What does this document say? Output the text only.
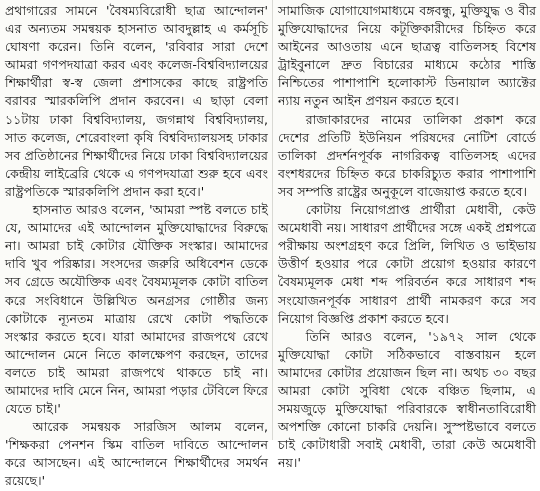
প্রথাগারের সামনে 'বৈষম্যবিরোধী ছাত্র আন্দোলন' এর অন্যতম সমন্বয়ক হাসনাত আবদুল্লাহ এ কর্মসূচি ঘোষণা করেন। তিনি বলেন, 'রবিবার সারা দেশে আমরা গণপদযাত্রা করব এবং কলেজ-বিশ্ববিদ্যালয়ের শিক্ষার্থীরা স্ব-স্ব জেলা প্রশাসকের কাছে রাষ্ট্রপতি বরাবর স্মারকলিপি প্রদান করবেন। এ ছাড়া বেলা ১১টায় ঢাকা বিশ্ববিদ্যালয়, জগন্নাথ বিশ্ববিদ্যালয়, সাত কলেজ, শেরেবাংলা কৃষি বিশ্ববিদ্যালয়সহ ঢাকার সব প্রতিষ্ঠানের শিক্ষার্থীদের নিয়ে ঢাকা বিশ্ববিদ্যালয়ের কেন্দ্রীয় লাইব্রেরি থেকে এ গণপদযাত্রা শুরু হবে এবং রাষ্ট্রপতিকে স্মারকলিপি প্রদান করা হবে।'

হাসনাত আরও বলেন, 'আমরা স্পষ্ট বলতে চাই যে, আমাদের এই আন্দোলন মুক্তিযোদ্ধাদের বিরুদ্ধে না। আমরা চাই কোটার যৌক্তিক সংস্কার। আমাদের দাবি খুব পরিষ্কার। সংসদের জরুরি অধিবেশন ডেকে সব গ্রেডে অযৌক্তিক এবং বৈষম্যমূলক কোটা বাতিল করে সংবিধানে উল্লিখিত অনগ্রসর গোষ্ঠীর জন্য কোটাকে ন্যূনতম মাত্রায় রেখে কোটা পদ্ধতিকে সংস্কার করতে হবে। যারা আমাদের রাজপথে রেখে আন্দোলন মেনে নিতে কালক্ষেপণ করছেন, তাদের বলতে চাই আমরা রাজপথে থাকতে চাই না। আমাদের দাবি মেনে নিন, আমরা পড়ার টেবিলে ফিরে যেতে চাই।'

আরেক সমন্বয়ক সারজিস আলম বলেন, 'শিক্ষকরা পেনশন স্কিম বাতিল দাবিতে আন্দোলন করে আসছেন। এই আন্দোলনে শিক্ষার্থীদের সমর্থন রয়েছে।'

সামাজিক যোগাযোগমাধ্যমে বঙ্গবন্ধু, মুক্তিযুদ্ধ ও বীর মুক্তিযোদ্ধাদের নিয়ে কটূক্তিকারীদের চিহ্নিত করে আইনের আওতায় এনে ছাত্রত্ব বাতিলসহ বিশেষ ট্রাইবুনালে দ্রুত বিচারের মাধ্যমে কঠোর শাস্তি নিশ্চিতের পাশাপাশি হলোকাস্ট ডিনায়াল অ্যাক্টের ন্যায় নতুন আইন প্রণয়ন করতে হবে।

রাজাকারদের নামের তালিকা প্রকাশ করে দেশের প্রতিটি ইউনিয়ন পরিষদের নোটিশ বোর্ডে তালিকা প্রদর্শনপূর্বক নাগরিকত্ব বাতিলসহ এদের বংশধরদের চিহ্নিত করে চাকরিচ্যুত করার পাশাপাশি সব সম্পত্তি রাষ্ট্রের অনুকূলে বাজেয়াপ্ত করতে হবে।

কোটায় নিয়োগপ্রাপ্ত প্রার্থীরা মেধাবী, কেউ অমেধাবী নয়। সাধারণ প্রার্থীদের সঙ্গে একই প্রশ্নপত্রে পরীক্ষায় অংশগ্রহণ করে প্রিলি, লিখিত ও ভাইভায় উত্তীর্ণ হওয়ার পরে কোটা প্রয়োগ হওয়ার কারণে বৈষম্যমূলক মেধা শব্দ পরিবর্তন করে সাধারণ শব্দ সংযোজনপূর্বক সাধারণ প্রার্থী নামকরণ করে সব নিয়োগ বিজ্ঞপ্তি প্রকাশ করতে হবে।

তিনি আরও বলেন, '১৯৭২ সাল থেকে মুক্তিযোদ্ধা কোটা সঠিকভাবে বাস্তবায়ন হলে আমাদের কোটার প্রয়োজন ছিল না। অথচ ৩০ বছর আমরা কোটা সুবিধা থেকে বঞ্চিত ছিলাম, এ সময়জুড়ে মুক্তিযোদ্ধা পরিবারকে স্বাধীনতাবিরোধী অপশক্তি কোনো চাকরি দেয়নি। সুস্পষ্টভাবে বলতে চাই কোটাধারী সবাই মেধাবী, তারা কেউ অমেধাবী নয়।'
